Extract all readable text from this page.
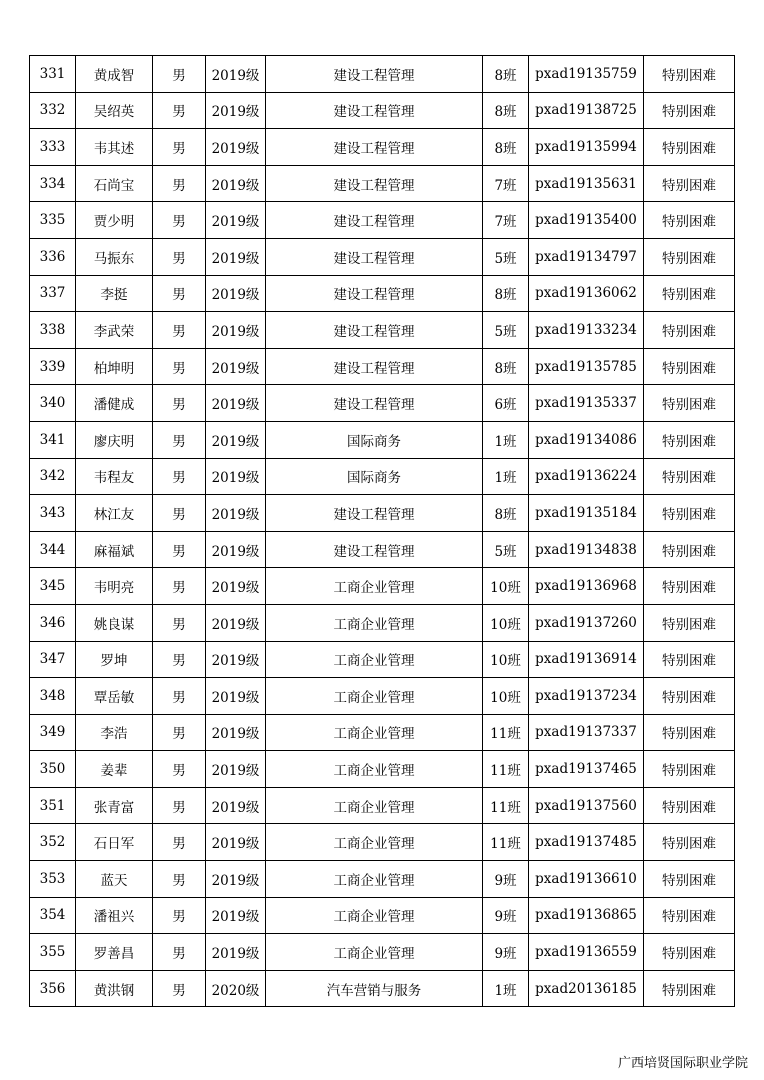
331	黄成智	男	2019级	建设工程管理	8班	pxad19135759	特别困难
332	吴绍英	男	2019级	建设工程管理	8班	pxad19138725	特别困难
333	韦其述	男	2019级	建设工程管理	8班	pxad19135994	特别困难
334	石尚宝	男	2019级	建设工程管理	7班	pxad19135631	特别困难
335	贾少明	男	2019级	建设工程管理	7班	pxad19135400	特别困难
336	马振东	男	2019级	建设工程管理	5班	pxad19134797	特别困难
337	李挺	男	2019级	建设工程管理	8班	pxad19136062	特别困难
338	李武荣	男	2019级	建设工程管理	5班	pxad19133234	特别困难
339	柏坤明	男	2019级	建设工程管理	8班	pxad19135785	特别困难
340	潘健成	男	2019级	建设工程管理	6班	pxad19135337	特别困难
341	廖庆明	男	2019级	国际商务	1班	pxad19134086	特别困难
342	韦程友	男	2019级	国际商务	1班	pxad19136224	特别困难
343	林江友	男	2019级	建设工程管理	8班	pxad19135184	特别困难
344	麻福斌	男	2019级	建设工程管理	5班	pxad19134838	特别困难
345	韦明亮	男	2019级	工商企业管理	10班	pxad19136968	特别困难
346	姚良谋	男	2019级	工商企业管理	10班	pxad19137260	特别困难
347	罗坤	男	2019级	工商企业管理	10班	pxad19136914	特别困难
348	覃岳敏	男	2019级	工商企业管理	10班	pxad19137234	特别困难
349	李浩	男	2019级	工商企业管理	11班	pxad19137337	特别困难
350	姜辈	男	2019级	工商企业管理	11班	pxad19137465	特别困难
351	张青富	男	2019级	工商企业管理	11班	pxad19137560	特别困难
352	石日军	男	2019级	工商企业管理	11班	pxad19137485	特别困难
353	蓝天	男	2019级	工商企业管理	9班	pxad19136610	特别困难
354	潘祖兴	男	2019级	工商企业管理	9班	pxad19136865	特别困难
355	罗善昌	男	2019级	工商企业管理	9班	pxad19136559	特别困难
356	黄洪钢	男	2020级	汽车营销与服务	1班	pxad20136185	特别困难
广西培贤国际职业学院
